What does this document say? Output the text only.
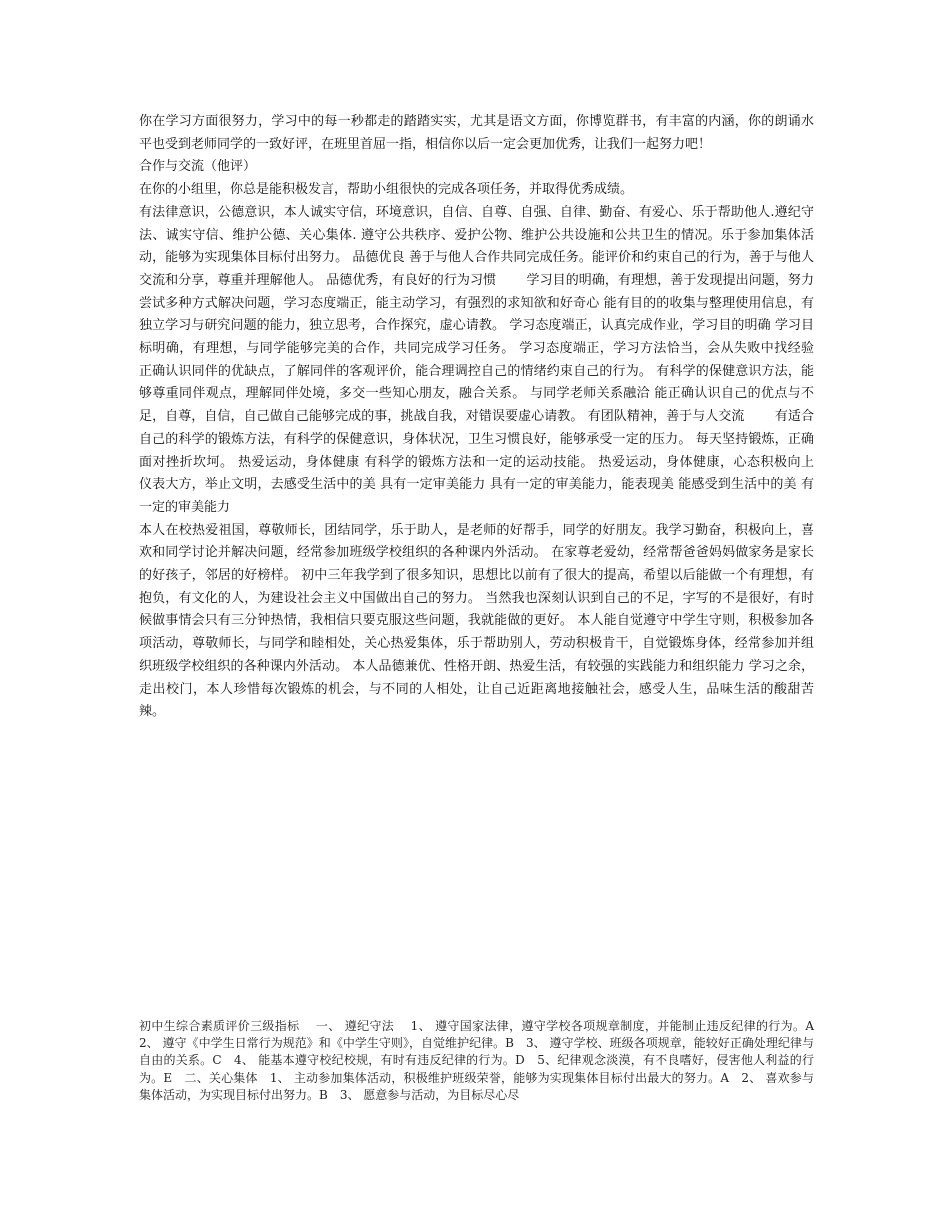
你在学习方面很努力，学习中的每一秒都走的踏踏实实，尤其是语文方面，你博览群书，有丰富的内涵，你的朗诵水平也受到老师同学的一致好评，在班里首屈一指，相信你以后一定会更加优秀，让我们一起努力吧！

合作与交流（他评）

在你的小组里，你总是能积极发言，帮助小组很快的完成各项任务，并取得优秀成绩。

有法律意识，公德意识，本人诚实守信，环境意识，自信、自尊、自强、自律、勤奋、有爱心、乐于帮助他人.遵纪守法、诚实守信、维护公德、关心集体. 遵守公共秩序、爱护公物、维护公共设施和公共卫生的情况。乐于参加集体活动，能够为实现集体目标付出努力。 品德优良 善于与他人合作共同完成任务。能评价和约束自己的行为，善于与他人交流和分享，尊重并理解他人。 品德优秀，有良好的行为习惯　　 学习目的明确，有理想，善于发现提出问题，努力尝试多种方式解决问题，学习态度端正，能主动学习，有强烈的求知欲和好奇心 能有目的的收集与整理使用信息，有独立学习与研究问题的能力，独立思考，合作探究，虚心请教。 学习态度端正，认真完成作业，学习目的明确 学习目标明确，有理想，与同学能够完美的合作，共同完成学习任务。 学习态度端正，学习方法恰当，会从失败中找经验　　 正确认识同伴的优缺点，了解同伴的客观评价，能合理调控自己的情绪约束自己的行为。 有科学的保健意识方法，能够尊重同伴观点，理解同伴处境，多交一些知心朋友，融合关系。 与同学老师关系融洽 能正确认识自己的优点与不足，自尊，自信，自己做自己能够完成的事，挑战自我，对错误要虚心请教。 有团队精神，善于与人交流　　 有适合自己的科学的锻炼方法，有科学的保健意识，身体状况，卫生习惯良好，能够承受一定的压力。 每天坚持锻炼，正确面对挫折坎坷。 热爱运动，身体健康 有科学的锻炼方法和一定的运动技能。 热爱运动，身体健康，心态积极向上　　 仪表大方，举止文明，去感受生活中的美 具有一定审美能力 具有一定的审美能力，能表现美 能感受到生活中的美 有一定的审美能力

本人在校热爱祖国，尊敬师长，团结同学，乐于助人，是老师的好帮手，同学的好朋友。我学习勤奋，积极向上，喜欢和同学讨论并解决问题，经常参加班级学校组织的各种课内外活动。 在家尊老爱幼，经常帮爸爸妈妈做家务是家长的好孩子，邻居的好榜样。 初中三年我学到了很多知识，思想比以前有了很大的提高，希望以后能做一个有理想，有抱负，有文化的人，为建设社会主义中国做出自己的努力。 当然我也深刻认识到自己的不足，字写的不是很好，有时候做事情会只有三分钟热情，我相信只要克服这些问题，我就能做的更好。 本人能自觉遵守中学生守则，积极参加各项活动，尊敬师长，与同学和睦相处，关心热爱集体，乐于帮助别人，劳动积极肯干，自觉锻炼身体，经常参加并组织班级学校组织的各种课内外活动。 本人品德兼优、性格开朗、热爱生活，有较强的实践能力和组织能力 学习之余，走出校门，本人珍惜每次锻炼的机会，与不同的人相处，让自己近距离地接触社会，感受人生，品味生活的酸甜苦辣。

初中生综合素质评价三级指标　 一、 遵纪守法　 1、 遵守国家法律，遵守学校各项规章制度，并能制止违反纪律的行为。A　2、 遵守《中学生日常行为规范》和《中学生守则》，自觉维护纪律。B　3、 遵守学校、班级各项规章，能较好正确处理纪律与自由的关系。C　4、 能基本遵守校纪校规，有时有违反纪律的行为。D　5、纪律观念淡漠，有不良嗜好，侵害他人利益的行为。E　二、关心集体　1、 主动参加集体活动，积极维护班级荣誉，能够为实现集体目标付出最大的努力。A　2、 喜欢参与集体活动，为实现目标付出努力。B　3、 愿意参与活动，为目标尽心尽
